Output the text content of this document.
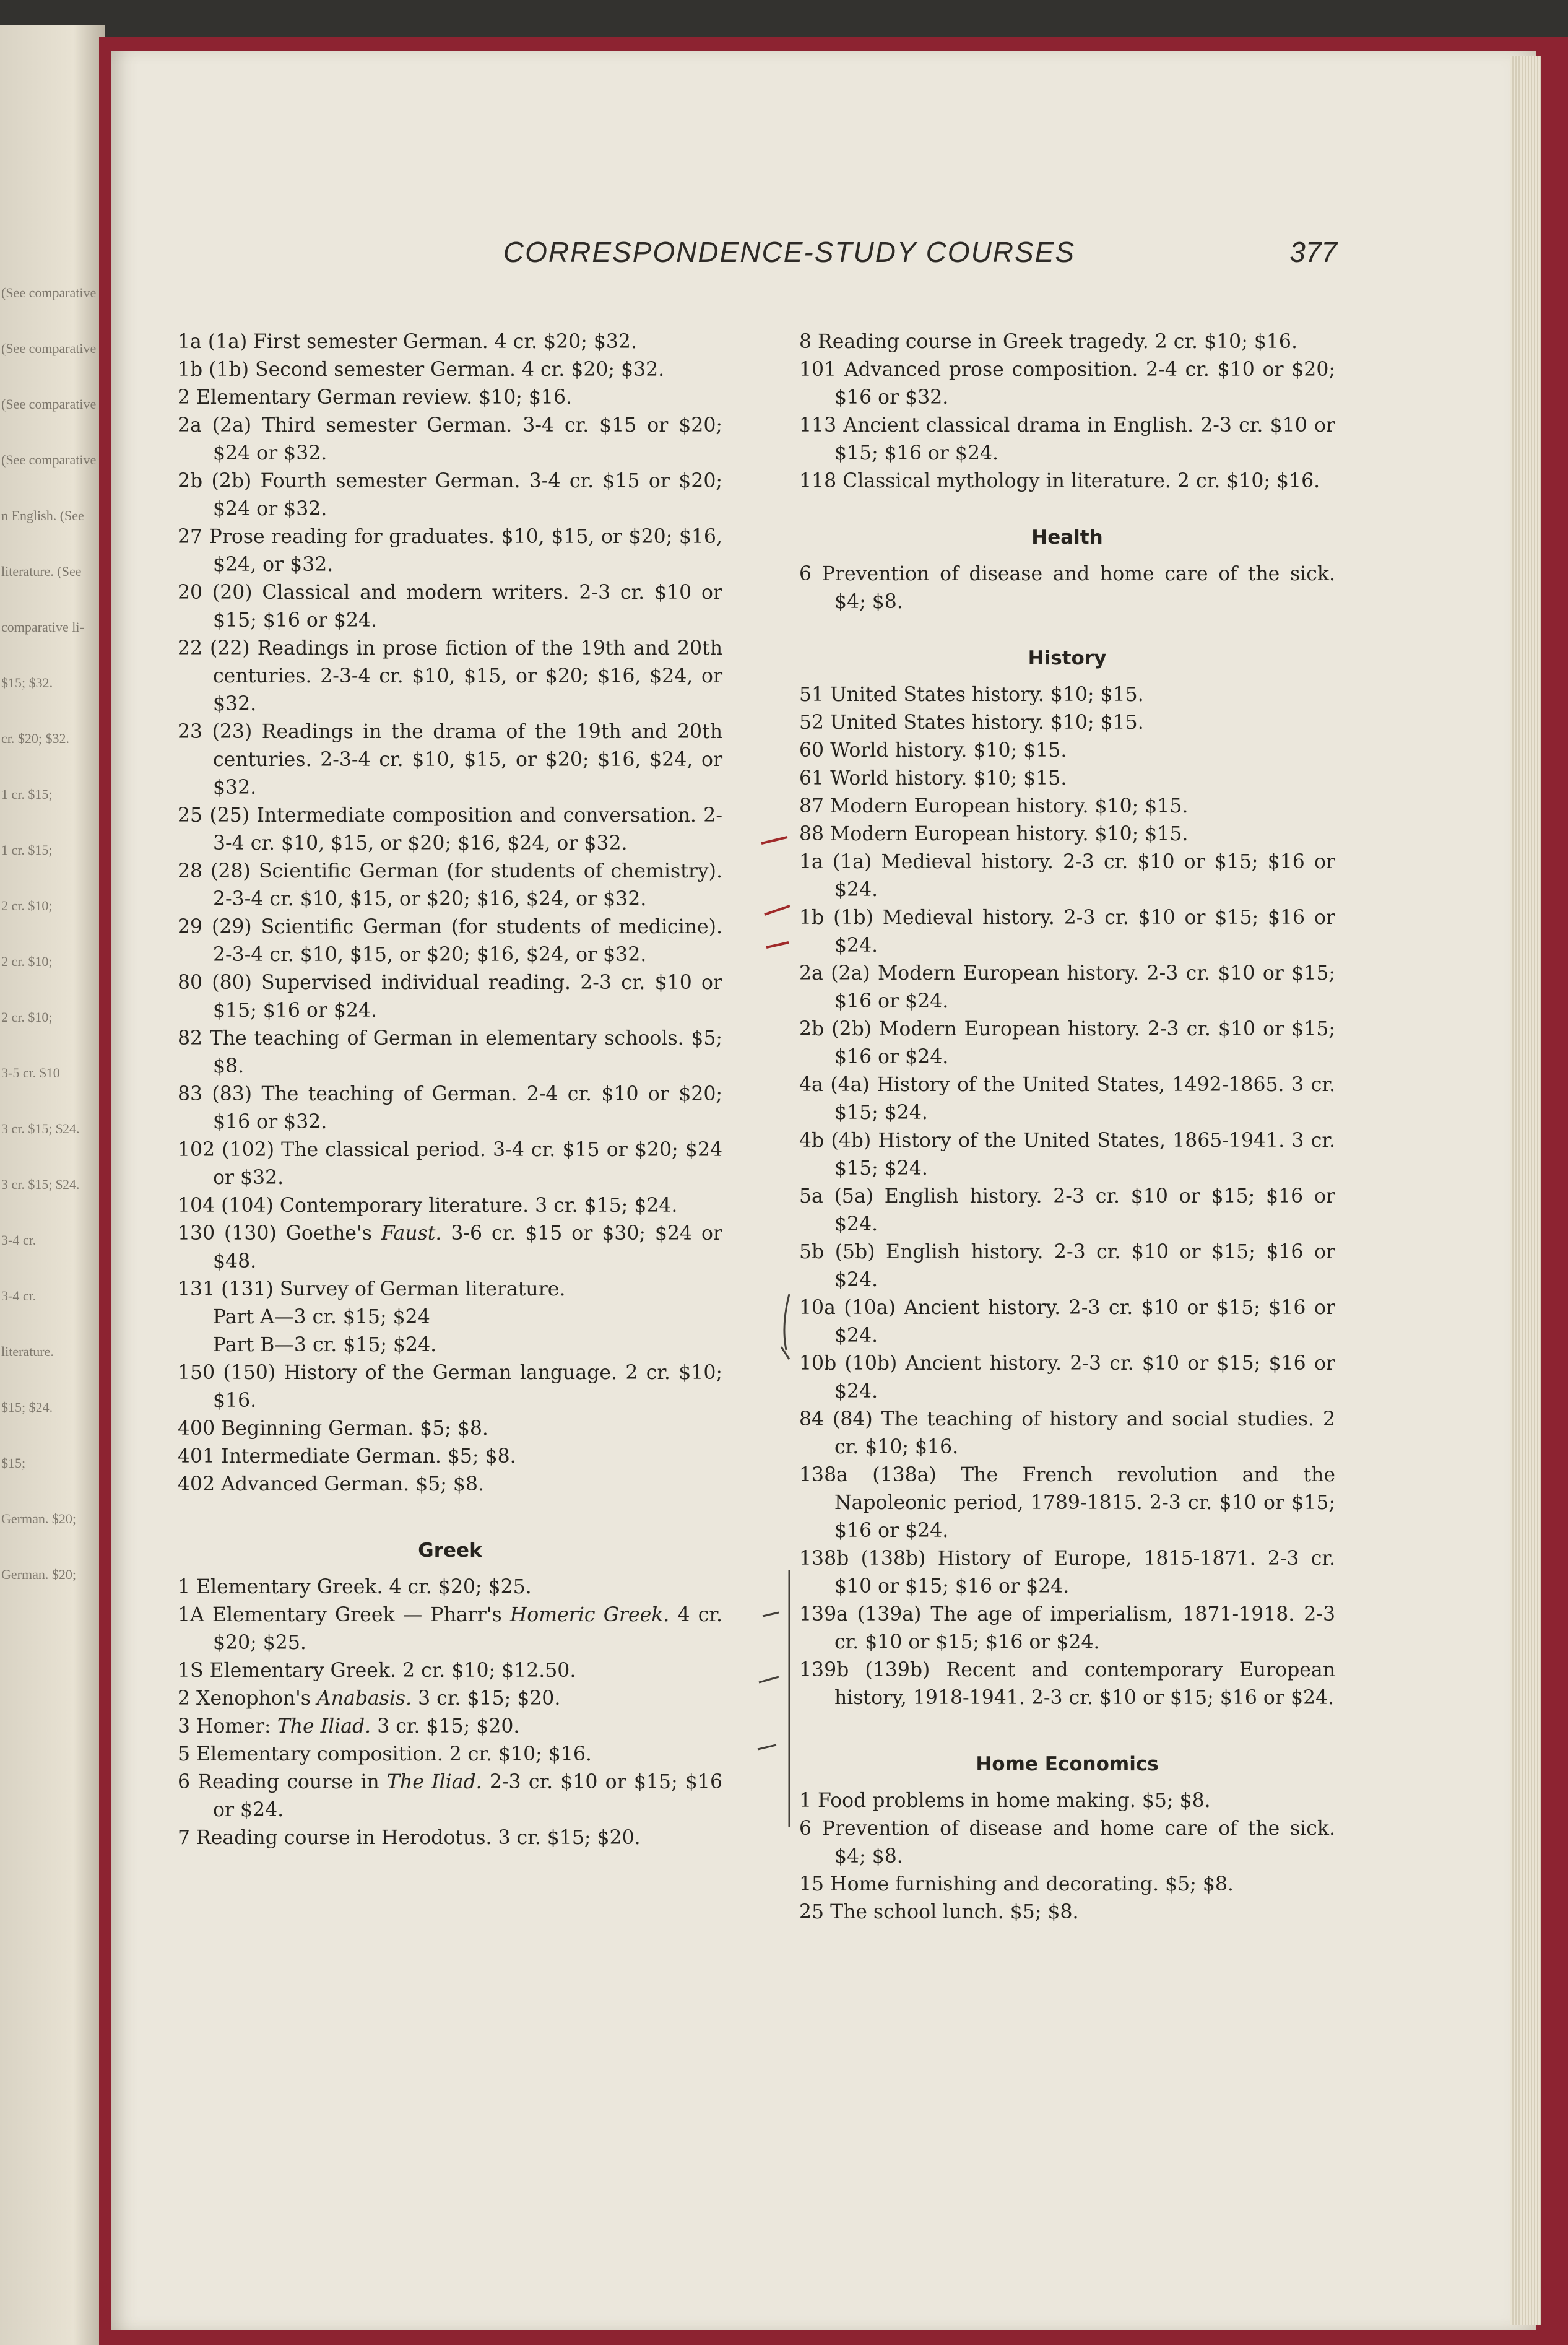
(See comparative
(See comparative
(See comparative
(See comparative
n English. (See
literature. (See
comparative li-
$15; $32.
cr. $20; $32.
1 cr. $15;
1 cr. $15;
2 cr. $10;
2 cr. $10;
2 cr. $10;
3-5 cr. $10
3 cr. $15; $24.
3 cr. $15; $24.
3-4 cr.
3-4 cr.
literature.
$15; $24.
$15;
German. $20;
German. $20;
CORRESPONDENCE-STUDY COURSES	377

1a (1a) First semester German. 4 cr. $20; $32.

1b (1b) Second semester German. 4 cr. $20; $32.

2 Elementary German review. $10; $16.

2a (2a) Third semester German. 3-4 cr. $15 or $20; $24 or $32.

2b (2b) Fourth semester German. 3-4 cr. $15 or $20; $24 or $32.

27 Prose reading for graduates. $10, $15, or $20; $16, $24, or $32.

20 (20) Classical and modern writers. 2-3 cr. $10 or $15; $16 or $24.

22 (22) Readings in prose fiction of the 19th and 20th centuries. 2-3-4 cr. $10, $15, or $20; $16, $24, or $32.

23 (23) Readings in the drama of the 19th and 20th centuries. 2-3-4 cr. $10, $15, or $20; $16, $24, or $32.

25 (25) Intermediate composition and conversation. 2-3-4 cr. $10, $15, or $20; $16, $24, or $32.

28 (28) Scientific German (for students of chemistry). 2-3-4 cr. $10, $15, or $20; $16, $24, or $32.

29 (29) Scientific German (for students of medicine). 2-3-4 cr. $10, $15, or $20; $16, $24, or $32.

80 (80) Supervised individual reading. 2-3 cr. $10 or $15; $16 or $24.

82 The teaching of German in elementary schools. $5; $8.

83 (83) The teaching of German. 2-4 cr. $10 or $20; $16 or $32.

102 (102) The classical period. 3-4 cr. $15 or $20; $24 or $32.

104 (104) Contemporary literature. 3 cr. $15; $24.

130 (130) Goethe's Faust. 3-6 cr. $15 or $30; $24 or $48.

131 (131) Survey of German literature.

Part A—3 cr. $15; $24

Part B—3 cr. $15; $24.

150 (150) History of the German language. 2 cr. $10; $16.

400 Beginning German. $5; $8.

401 Intermediate German. $5; $8.

402 Advanced German. $5; $8.

Greek

1 Elementary Greek. 4 cr. $20; $25.

1A Elementary Greek — Pharr's Homeric Greek. 4 cr. $20; $25.

1S Elementary Greek. 2 cr. $10; $12.50.

2 Xenophon's Anabasis. 3 cr. $15; $20.

3 Homer: The Iliad. 3 cr. $15; $20.

5 Elementary composition. 2 cr. $10; $16.

6 Reading course in The Iliad. 2-3 cr. $10 or $15; $16 or $24.

7 Reading course in Herodotus. 3 cr. $15; $20.

8 Reading course in Greek tragedy. 2 cr. $10; $16.

101 Advanced prose composition. 2-4 cr. $10 or $20; $16 or $32.

113 Ancient classical drama in English. 2-3 cr. $10 or $15; $16 or $24.

118 Classical mythology in literature. 2 cr. $10; $16.

Health

6 Prevention of disease and home care of the sick. $4; $8.

History

51 United States history. $10; $15.

52 United States history. $10; $15.

60 World history. $10; $15.

61 World history. $10; $15.

87 Modern European history. $10; $15.

88 Modern European history. $10; $15.

1a (1a) Medieval history. 2-3 cr. $10 or $15; $16 or $24.

1b (1b) Medieval history. 2-3 cr. $10 or $15; $16 or $24.

2a (2a) Modern European history. 2-3 cr. $10 or $15; $16 or $24.

2b (2b) Modern European history. 2-3 cr. $10 or $15; $16 or $24.

4a (4a) History of the United States, 1492-1865. 3 cr. $15; $24.

4b (4b) History of the United States, 1865-1941. 3 cr. $15; $24.

5a (5a) English history. 2-3 cr. $10 or $15; $16 or $24.

5b (5b) English history. 2-3 cr. $10 or $15; $16 or $24.

10a (10a) Ancient history. 2-3 cr. $10 or $15; $16 or $24.

10b (10b) Ancient history. 2-3 cr. $10 or $15; $16 or $24.

84 (84) The teaching of history and social studies. 2 cr. $10; $16.

138a (138a) The French revolution and the Napoleonic period, 1789-1815. 2-3 cr. $10 or $15; $16 or $24.

138b (138b) History of Europe, 1815-1871. 2-3 cr. $10 or $15; $16 or $24.

139a (139a) The age of imperialism, 1871-1918. 2-3 cr. $10 or $15; $16 or $24.

139b (139b) Recent and contemporary European history, 1918-1941. 2-3 cr. $10 or $15; $16 or $24.

Home Economics

1 Food problems in home making. $5; $8.

6 Prevention of disease and home care of the sick. $4; $8.

15 Home furnishing and decorating. $5; $8.

25 The school lunch. $5; $8.
